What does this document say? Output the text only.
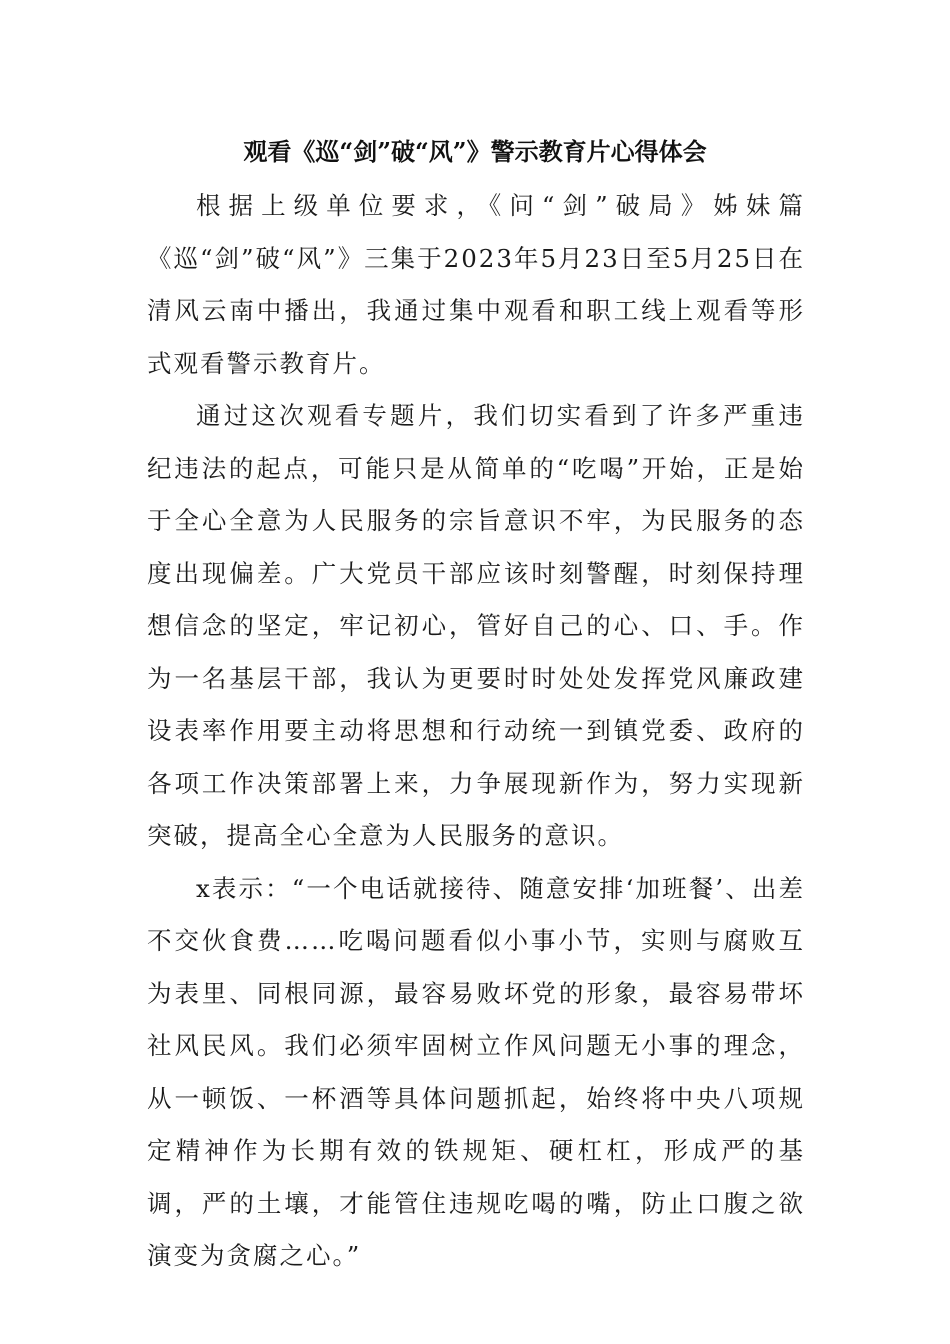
观看《巡“剑”破“风”》警示教育片心得体会

根据上级单位要求，《问“剑”破局》姊妹篇《巡“剑”破“风”》三集于2023年5月23日至5月25日在清风云南中播出，我通过集中观看和职工线上观看等形式观看警示教育片。

通过这次观看专题片，我们切实看到了许多严重违纪违法的起点，可能只是从简单的“吃喝”开始，正是始于全心全意为人民服务的宗旨意识不牢，为民服务的态度出现偏差。广大党员干部应该时刻警醒，时刻保持理想信念的坚定，牢记初心，管好自己的心、口、手。作为一名基层干部，我认为更要时时处处发挥党风廉政建设表率作用要主动将思想和行动统一到镇党委、政府的各项工作决策部署上来，力争展现新作为，努力实现新突破，提高全心全意为人民服务的意识。

x表示：“一个电话就接待、随意安排‘加班餐’、出差不交伙食费……吃喝问题看似小事小节，实则与腐败互为表里、同根同源，最容易败坏党的形象，最容易带坏社风民风。我们必须牢固树立作风问题无小事的理念，从一顿饭、一杯酒等具体问题抓起，始终将中央八项规定精神作为长期有效的铁规矩、硬杠杠，形成严的基调，严的土壤，才能管住违规吃喝的嘴，防止口腹之欲演变为贪腐之心。”
